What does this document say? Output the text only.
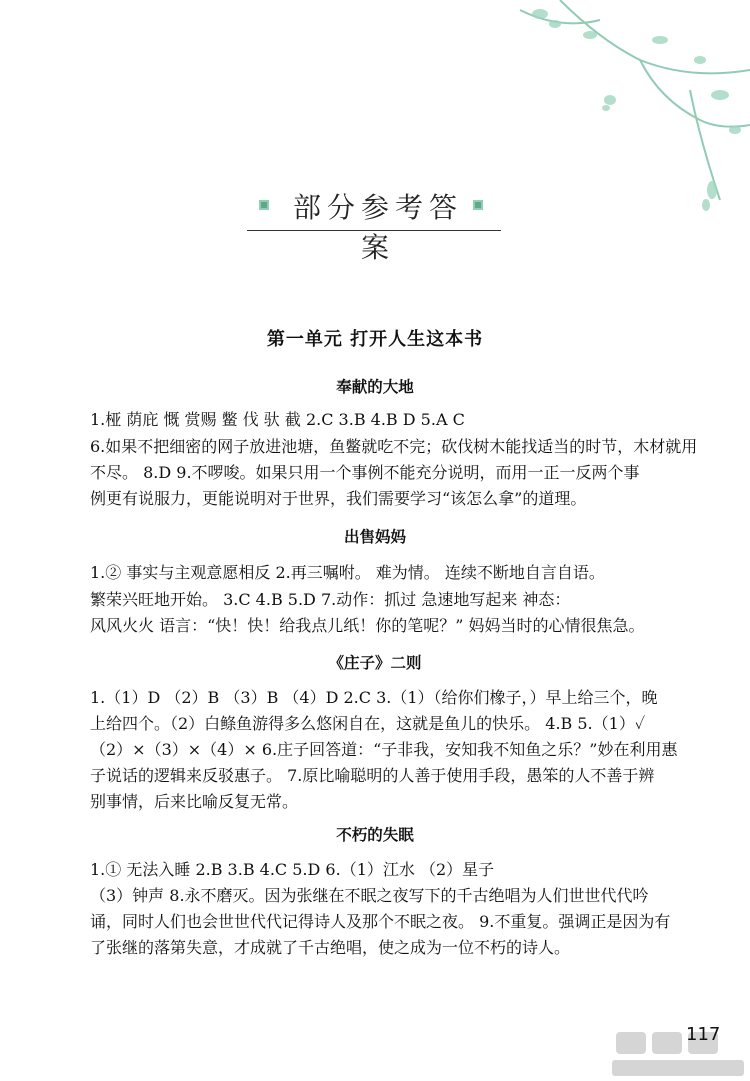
部分参考答案
第一单元 打开人生这本书
奉献的大地
1.桠 荫庇 慨 赏赐 鳖 伐 驮 截 2.C 3.B 4.B D 5.A C
6.如果不把细密的网子放进池塘，鱼鳖就吃不完；砍伐树木能找适当的时节，木材就用
不尽。 8.D 9.不啰唆。如果只用一个事例不能充分说明，而用一正一反两个事
例更有说服力，更能说明对于世界，我们需要学习“该怎么拿”的道理。
出售妈妈
1.② 事实与主观意愿相反 2.再三嘱咐。 难为情。 连续不断地自言自语。
繁荣兴旺地开始。 3.C 4.B 5.D 7.动作：抓过 急速地写起来 神态：
风风火火 语言：“快！快！给我点儿纸！你的笔呢？” 妈妈当时的心情很焦急。
《庄子》二则
1.（1）D （2）B （3）B （4）D 2.C 3.（1）（给你们橡子，）早上给三个，晚
上给四个。（2）白鲦鱼游得多么悠闲自在，这就是鱼儿的快乐。 4.B 5.（1）✓
（2）×（3）×（4）× 6.庄子回答道：“子非我，安知我不知鱼之乐？”妙在利用惠
子说话的逻辑来反驳惠子。 7.原比喻聪明的人善于使用手段，愚笨的人不善于辨
别事情，后来比喻反复无常。
不朽的失眠
1.① 无法入睡 2.B 3.B 4.C 5.D 6.（1）江水 （2）星子
（3）钟声 8.永不磨灭。因为张继在不眠之夜写下的千古绝唱为人们世世代代吟
诵，同时人们也会世世代代记得诗人及那个不眠之夜。 9.不重复。强调正是因为有
了张继的落第失意，才成就了千古绝唱，使之成为一位不朽的诗人。
117
